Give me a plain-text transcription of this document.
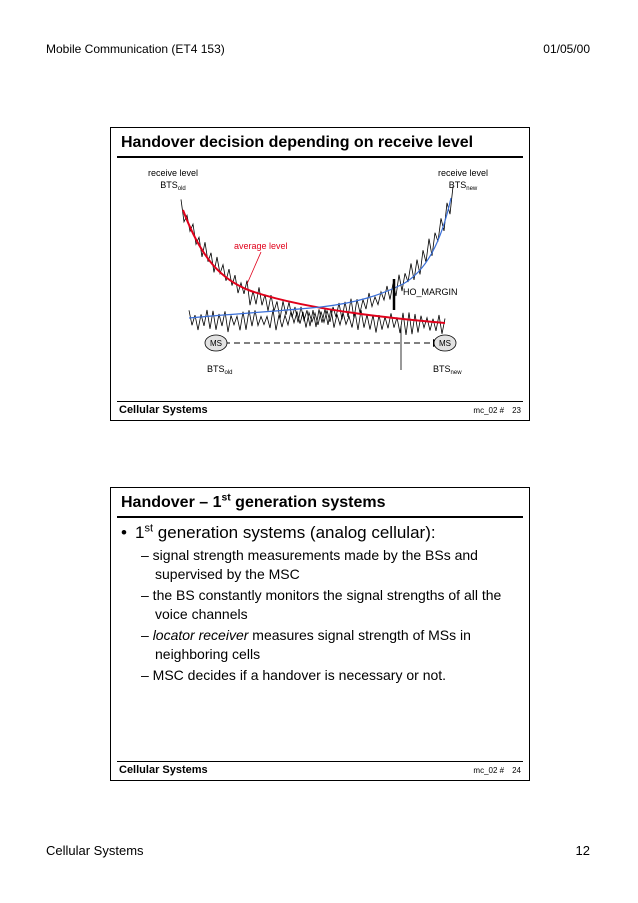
Mobile Communication (ET4 153)	01/05/00
Handover decision depending on receive level
receive level
$BTS_{old}$
receive level
$BTS_{new}$
average level
HO_MARGIN
MS	MS
$BTS_{old}$	$BTS_{new}$
Cellular Systems	mc_02 # 23
Handover – 1st generation systems
• 1st generation systems (analog cellular):
– signal strength measurements made by the BSs and supervised by the MSC
– the BS constantly monitors the signal strengths of all the voice channels
– locator receiver measures signal strength of MSs in neighboring cells
– MSC decides if a handover is necessary or not.
Cellular Systems	mc_02 # 24
Cellular Systems	12
